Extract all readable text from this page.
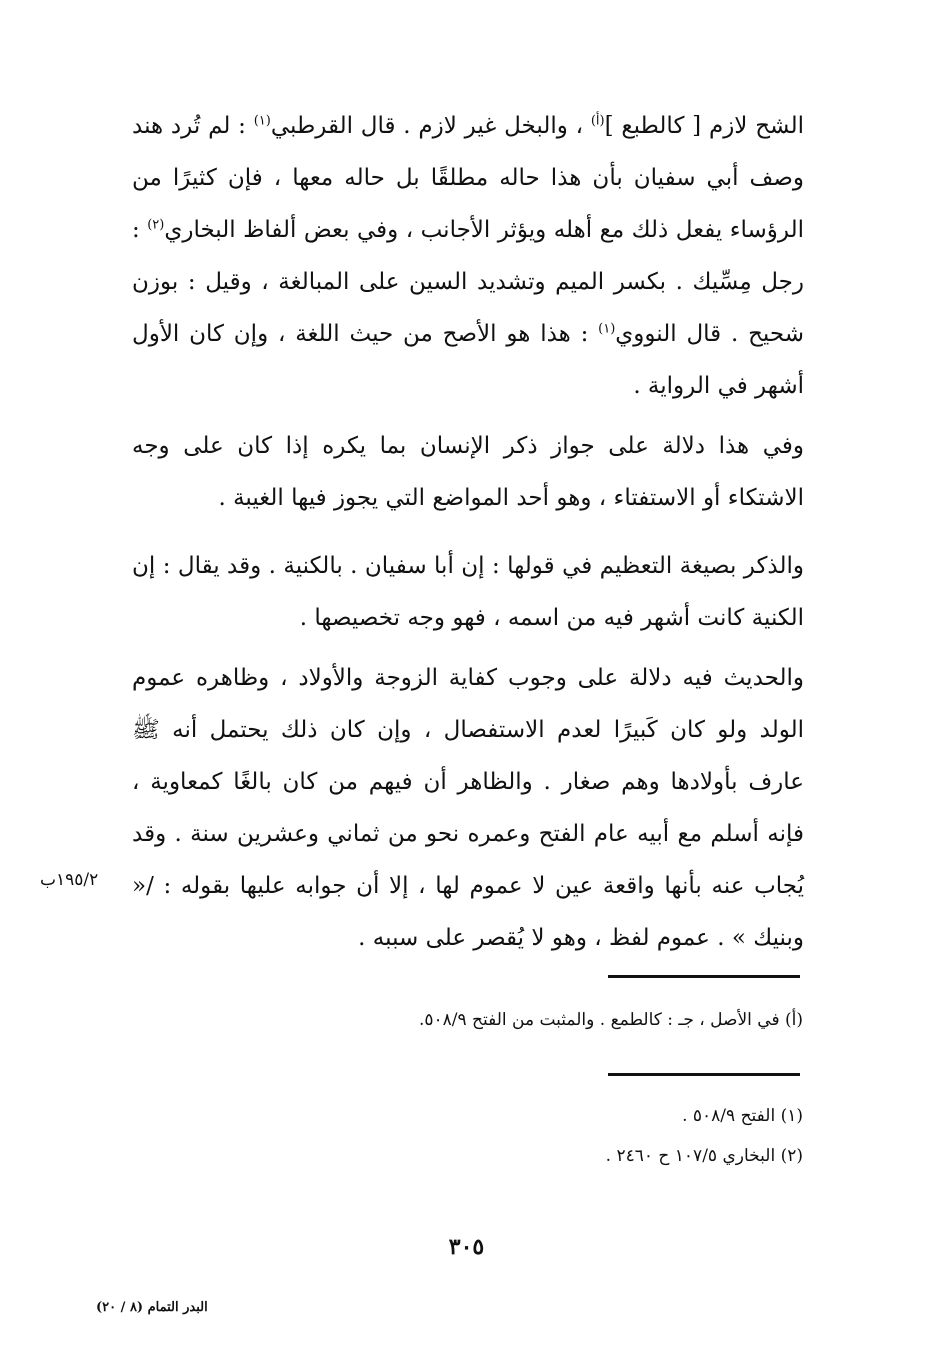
الشح لازم [ كالطبع ]$^{(أ)}$ ، والبخل غير لازم . قال القرطبي$^{(١)}$ : لم تُرد هند وصف أبي سفيان بأن هذا حاله مطلقًا بل حاله معها ، فإن كثيرًا من الرؤساء يفعل ذلك مع أهله ويؤثر الأجانب ، وفي بعض ألفاظ البخاري$^{(٢)}$ : رجل مِسِّيك . بكسر الميم وتشديد السين على المبالغة ، وقيل : بوزن شحيح . قال النووي$^{(١)}$ : هذا هو الأصح من حيث اللغة ، وإن كان الأول أشهر في الرواية .

وفي هذا دلالة على جواز ذكر الإنسان بما يكره إذا كان على وجه الاشتكاء أو الاستفتاء ، وهو أحد المواضع التي يجوز فيها الغيبة .

والذكر بصيغة التعظيم في قولها : إن أبا سفيان . بالكنية . وقد يقال : إن الكنية كانت أشهر فيه من اسمه ، فهو وجه تخصيصها .

والحديث فيه دلالة على وجوب كفاية الزوجة والأولاد ، وظاهره عموم الولد ولو كان كَبيرًا لعدم الاستفصال ، وإن كان ذلك يحتمل أنه ﷺ عارف بأولادها وهم صغار . والظاهر أن فيهم من كان بالغًا كمعاوية ، فإنه أسلم مع أبيه عام الفتح وعمره نحو من ثماني وعشرين سنة . وقد يُجاب عنه بأنها واقعة عين لا عموم لها ، إلا أن جوابه عليها بقوله : /« وبنيك » . عموم لفظ ، وهو لا يُقصر على سببه .

١٩٥/٢ب
(أ) في الأصل ، جـ : كالطمع . والمثبت من الفتح ٥٠٨/٩.
(١) الفتح ٥٠٨/٩ .
(٢) البخاري ١٠٧/٥ ح ٢٤٦٠ .
٣٠٥
البدر التمام (٨ / ٢٠)
